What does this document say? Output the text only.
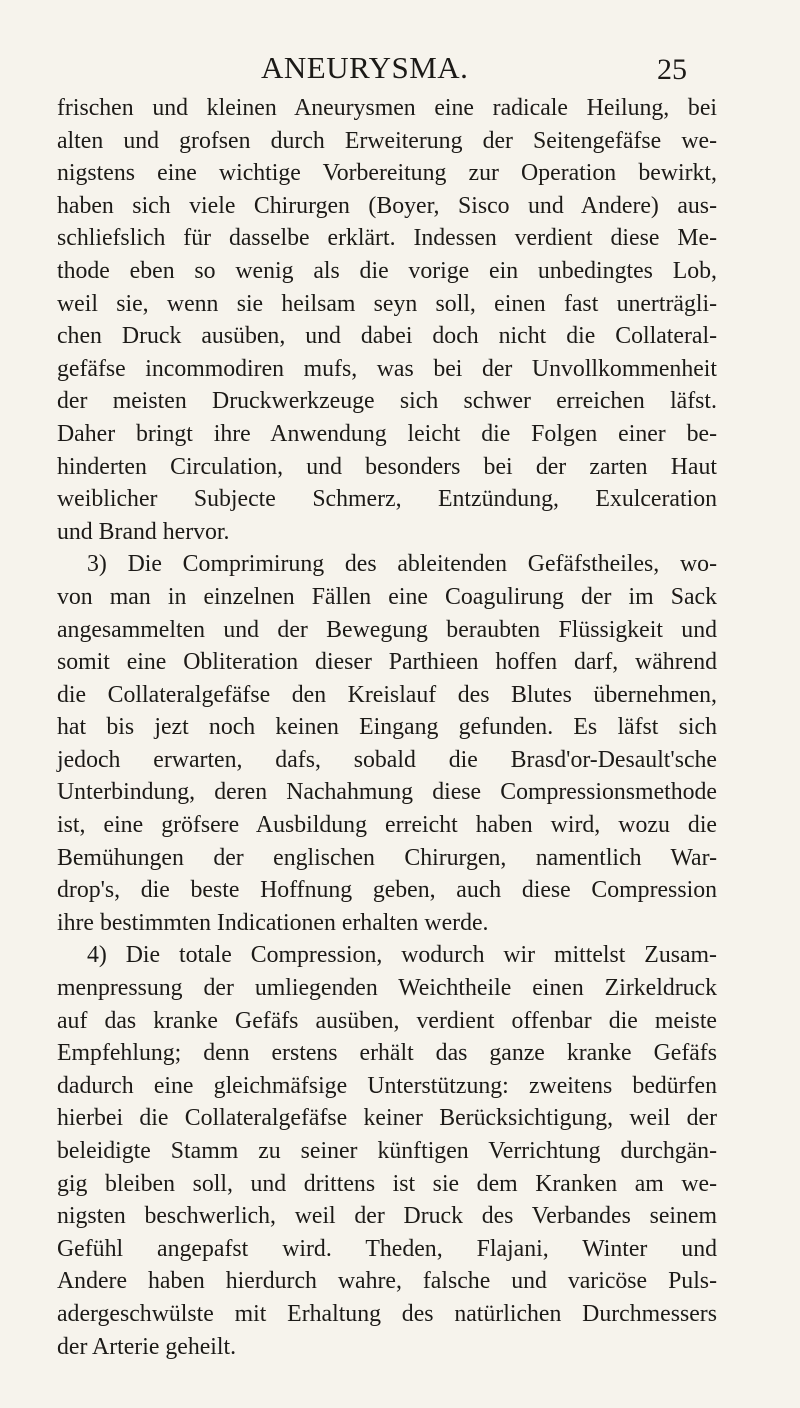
ANEURYSMA.	25
frischen und kleinen Aneurysmen eine radicale Heilung, bei
alten und grofsen durch Erweiterung der Seitengefäfse we-
nigstens eine wichtige Vorbereitung zur Operation bewirkt,
haben sich viele Chirurgen (Boyer, Sisco und Andere) aus-
schliefslich für dasselbe erklärt. Indessen verdient diese Me-
thode eben so wenig als die vorige ein unbedingtes Lob,
weil sie, wenn sie heilsam seyn soll, einen fast unerträgli-
chen Druck ausüben, und dabei doch nicht die Collateral-
gefäfse incommodiren mufs, was bei der Unvollkommenheit
der meisten Druckwerkzeuge sich schwer erreichen läfst.
Daher bringt ihre Anwendung leicht die Folgen einer be-
hinderten Circulation, und besonders bei der zarten Haut
weiblicher Subjecte Schmerz, Entzündung, Exulceration
und Brand hervor.
3) Die Comprimirung des ableitenden Gefäfstheiles, wo-
von man in einzelnen Fällen eine Coagulirung der im Sack
angesammelten und der Bewegung beraubten Flüssigkeit und
somit eine Obliteration dieser Parthieen hoffen darf, während
die Collateralgefäfse den Kreislauf des Blutes übernehmen,
hat bis jezt noch keinen Eingang gefunden. Es läfst sich
jedoch erwarten, dafs, sobald die Brasd'or-Desault'sche
Unterbindung, deren Nachahmung diese Compressionsmethode
ist, eine gröfsere Ausbildung erreicht haben wird, wozu die
Bemühungen der englischen Chirurgen, namentlich War-
drop's, die beste Hoffnung geben, auch diese Compression
ihre bestimmten Indicationen erhalten werde.
4) Die totale Compression, wodurch wir mittelst Zusam-
menpressung der umliegenden Weichtheile einen Zirkeldruck
auf das kranke Gefäfs ausüben, verdient offenbar die meiste
Empfehlung; denn erstens erhält das ganze kranke Gefäfs
dadurch eine gleichmäfsige Unterstützung: zweitens bedürfen
hierbei die Collateralgefäfse keiner Berücksichtigung, weil der
beleidigte Stamm zu seiner künftigen Verrichtung durchgän-
gig bleiben soll, und drittens ist sie dem Kranken am we-
nigsten beschwerlich, weil der Druck des Verbandes seinem
Gefühl angepafst wird. Theden, Flajani, Winter und
Andere haben hierdurch wahre, falsche und varicöse Puls-
adergeschwülste mit Erhaltung des natürlichen Durchmessers
der Arterie geheilt.
